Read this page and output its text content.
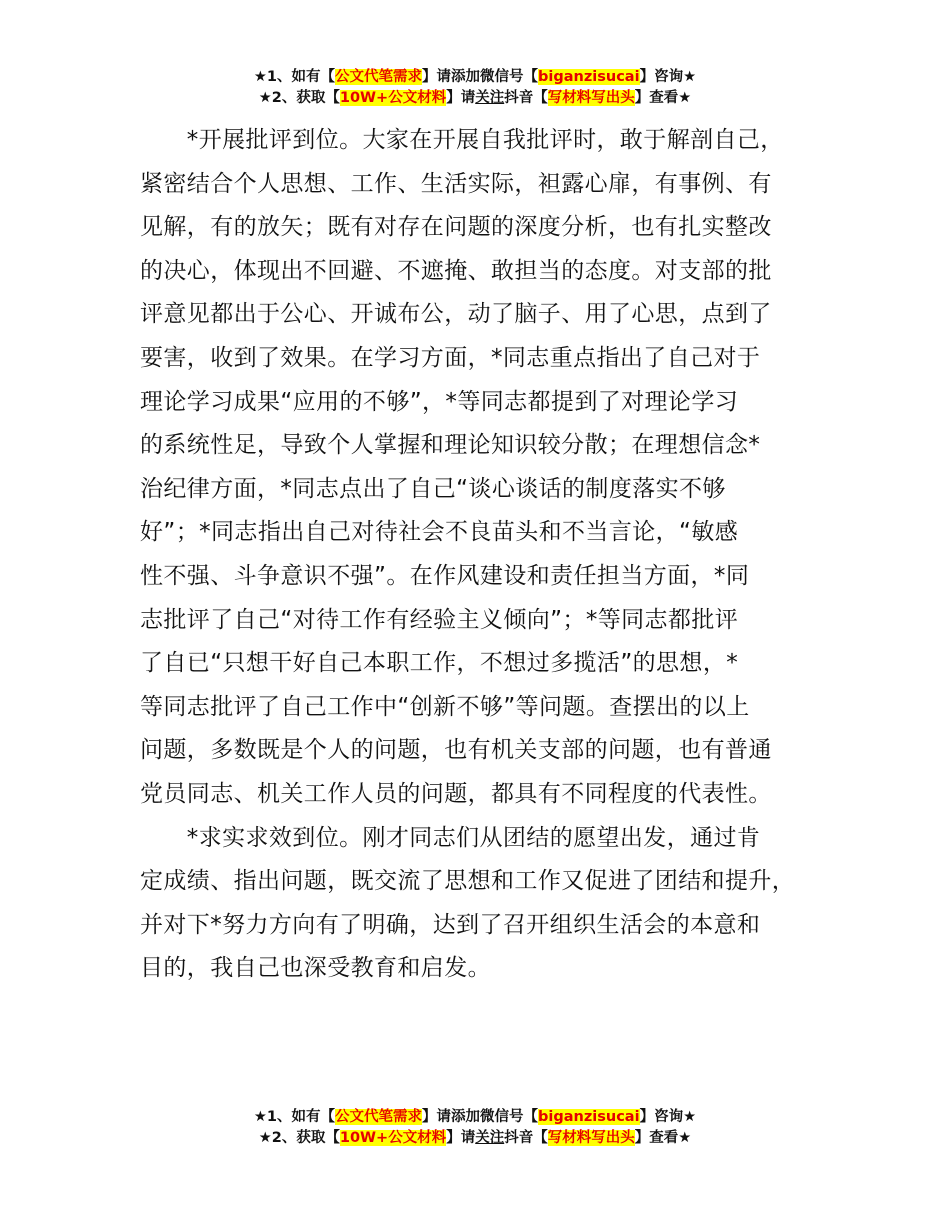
★1、如有【公文代笔需求】请添加微信号【biganzisucai】咨询★
★2、获取【10W+公文材料】请关注抖音【写材料写出头】查看★
　　*开展批评到位。大家在开展自我批评时，敢于解剖自己，
紧密结合个人思想、工作、生活实际，袒露心扉，有事例、有
见解，有的放矢；既有对存在问题的深度分析，也有扎实整改
的决心，体现出不回避、不遮掩、敢担当的态度。对支部的批
评意见都出于公心、开诚布公，动了脑子、用了心思，点到了
要害，收到了效果。在学习方面，*同志重点指出了自己对于
理论学习成果“应用的不够”，*等同志都提到了对理论学习
的系统性足，导致个人掌握和理论知识较分散；在理想信念*
治纪律方面，*同志点出了自己“谈心谈话的制度落实不够
好”；*同志指出自己对待社会不良苗头和不当言论，“敏感
性不强、斗争意识不强”。在作风建设和责任担当方面，*同
志批评了自己“对待工作有经验主义倾向”；*等同志都批评
了自已“只想干好自己本职工作，不想过多揽活”的思想，*
等同志批评了自己工作中“创新不够”等问题。查摆出的以上
问题，多数既是个人的问题，也有机关支部的问题，也有普通
党员同志、机关工作人员的问题，都具有不同程度的代表性。
　　*求实求效到位。刚才同志们从团结的愿望出发，通过肯
定成绩、指出问题，既交流了思想和工作又促进了团结和提升，
并对下*努力方向有了明确，达到了召开组织生活会的本意和
目的，我自己也深受教育和启发。
★1、如有【公文代笔需求】请添加微信号【biganzisucai】咨询★
★2、获取【10W+公文材料】请关注抖音【写材料写出头】查看★
